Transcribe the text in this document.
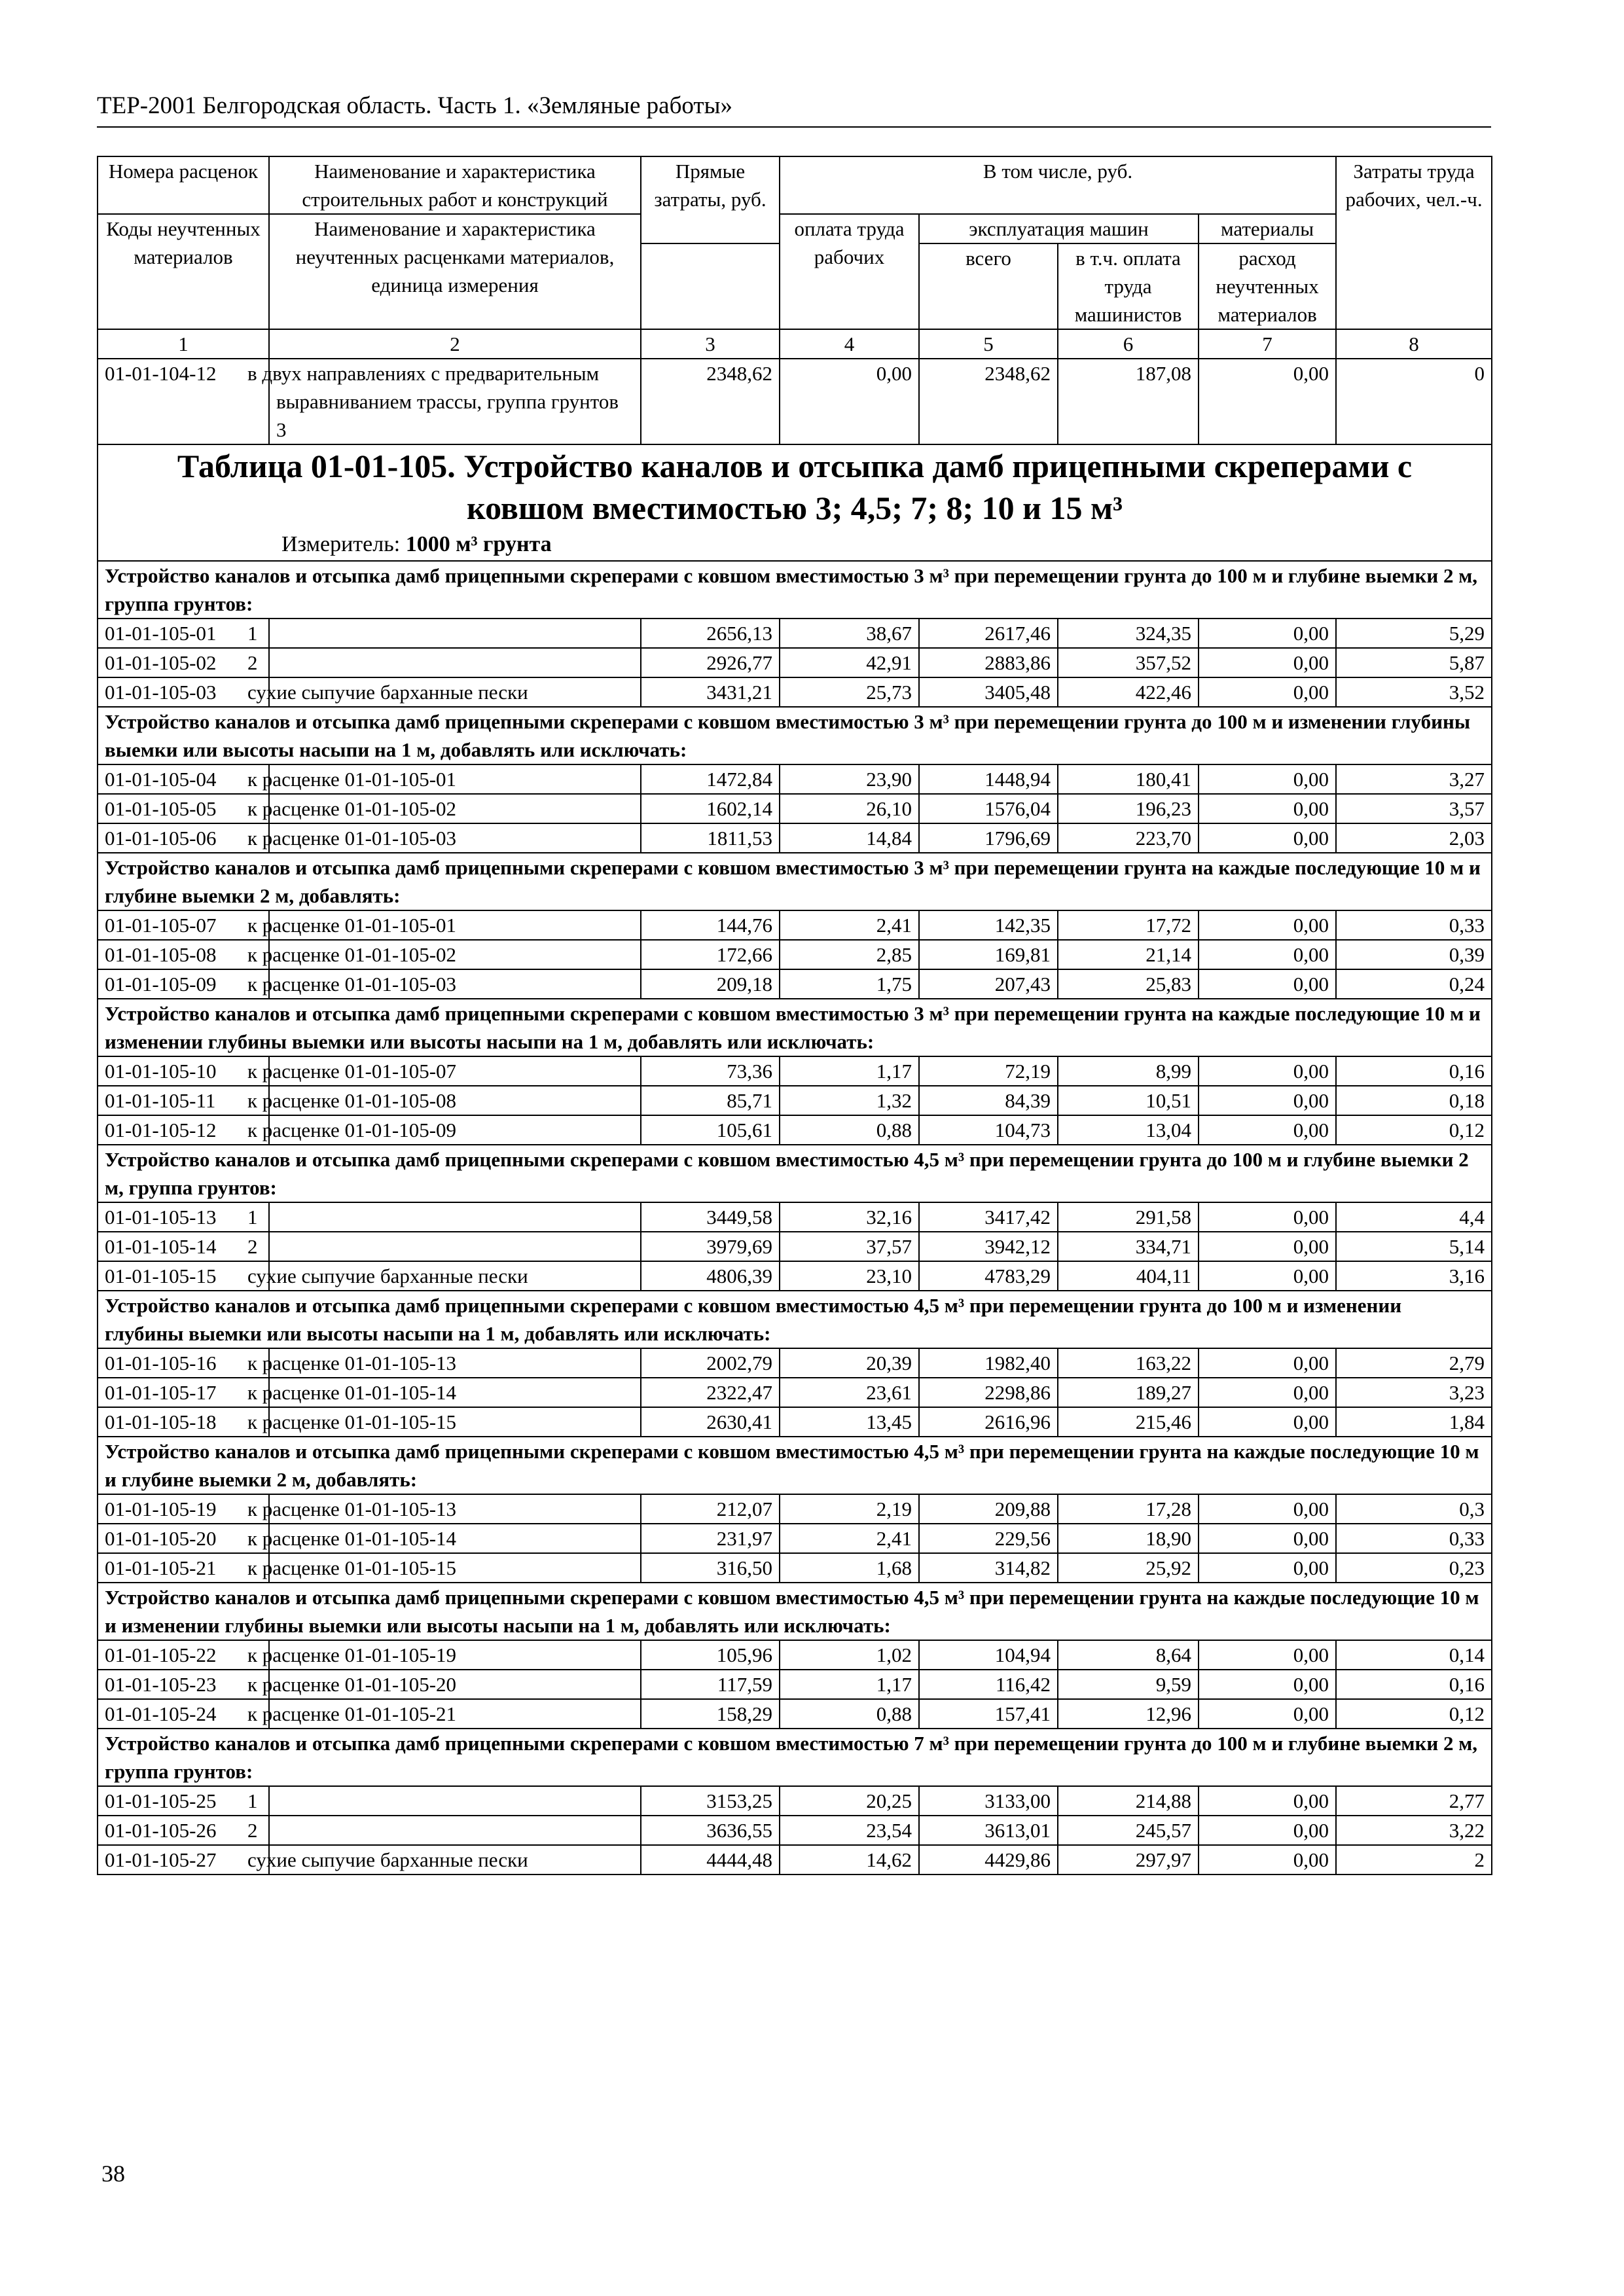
ТЕР-2001 Белгородская область. Часть 1. «Земляные работы»
Номера расценок	Наименование и характеристика строительных работ и конструкций	Прямые затраты, руб.	В том числе, руб.				Затраты труда рабочих, чел.-ч.
Коды неучтенных материалов	Наименование и характеристика неучтенных расценками материалов, единица измерения		оплата труда рабочих	эксплуатация машин		материалы	
				всего	в т.ч. оплата труда машинистов	расход неучтенных материалов	

1	2	3	4	5	6	7	8
01-01-104-12	в двух направлениях с предварительным выравниванием трассы, группа грунтов 3	2348,62	0,00	2348,62	187,08	0,00	0

Таблица 01-01-105. Устройство каналов и отсыпка дамб прицепными скреперами с ковшом вместимостью 3; 4,5; 7; 8; 10 и 15 м³
Измеритель: 1000 м³ грунта							

Устройство каналов и отсыпка дамб прицепными скреперами с ковшом вместимостью 3 м³ при перемещении грунта до 100 м и глубине выемки 2 м, группа грунтов:							
01-01-105-01	1	2656,13	38,67	2617,46	324,35	0,00	5,29
01-01-105-02	2	2926,77	42,91	2883,86	357,52	0,00	5,87
01-01-105-03	сухие сыпучие барханные пески	3431,21	25,73	3405,48	422,46	0,00	3,52
Устройство каналов и отсыпка дамб прицепными скреперами с ковшом вместимостью 3 м³ при перемещении грунта до 100 м и изменении глубины выемки или высоты насыпи на 1 м, добавлять или исключать:							
01-01-105-04	к расценке 01-01-105-01	1472,84	23,90	1448,94	180,41	0,00	3,27
01-01-105-05	к расценке 01-01-105-02	1602,14	26,10	1576,04	196,23	0,00	3,57
01-01-105-06	к расценке 01-01-105-03	1811,53	14,84	1796,69	223,70	0,00	2,03
Устройство каналов и отсыпка дамб прицепными скреперами с ковшом вместимостью 3 м³ при перемещении грунта на каждые последующие 10 м и глубине выемки 2 м, добавлять:							
01-01-105-07	к расценке 01-01-105-01	144,76	2,41	142,35	17,72	0,00	0,33
01-01-105-08	к расценке 01-01-105-02	172,66	2,85	169,81	21,14	0,00	0,39
01-01-105-09	к расценке 01-01-105-03	209,18	1,75	207,43	25,83	0,00	0,24
Устройство каналов и отсыпка дамб прицепными скреперами с ковшом вместимостью 3 м³ при перемещении грунта на каждые последующие 10 м и изменении глубины выемки или высоты насыпи на 1 м, добавлять или исключать:							
01-01-105-10	к расценке 01-01-105-07	73,36	1,17	72,19	8,99	0,00	0,16
01-01-105-11	к расценке 01-01-105-08	85,71	1,32	84,39	10,51	0,00	0,18
01-01-105-12	к расценке 01-01-105-09	105,61	0,88	104,73	13,04	0,00	0,12
Устройство каналов и отсыпка дамб прицепными скреперами с ковшом вместимостью 4,5 м³ при перемещении грунта до 100 м и глубине выемки 2 м, группа грунтов:							
01-01-105-13	1	3449,58	32,16	3417,42	291,58	0,00	4,4
01-01-105-14	2	3979,69	37,57	3942,12	334,71	0,00	5,14
01-01-105-15	сухие сыпучие барханные пески	4806,39	23,10	4783,29	404,11	0,00	3,16
Устройство каналов и отсыпка дамб прицепными скреперами с ковшом вместимостью 4,5 м³ при перемещении грунта до 100 м и изменении глубины выемки или высоты насыпи на 1 м, добавлять или исключать:							
01-01-105-16	к расценке 01-01-105-13	2002,79	20,39	1982,40	163,22	0,00	2,79
01-01-105-17	к расценке 01-01-105-14	2322,47	23,61	2298,86	189,27	0,00	3,23
01-01-105-18	к расценке 01-01-105-15	2630,41	13,45	2616,96	215,46	0,00	1,84
Устройство каналов и отсыпка дамб прицепными скреперами с ковшом вместимостью 4,5 м³ при перемещении грунта на каждые последующие 10 м и глубине выемки 2 м, добавлять:							
01-01-105-19	к расценке 01-01-105-13	212,07	2,19	209,88	17,28	0,00	0,3
01-01-105-20	к расценке 01-01-105-14	231,97	2,41	229,56	18,90	0,00	0,33
01-01-105-21	к расценке 01-01-105-15	316,50	1,68	314,82	25,92	0,00	0,23
Устройство каналов и отсыпка дамб прицепными скреперами с ковшом вместимостью 4,5 м³ при перемещении грунта на каждые последующие 10 м и изменении глубины выемки или высоты насыпи на 1 м, добавлять или исключать:							
01-01-105-22	к расценке 01-01-105-19	105,96	1,02	104,94	8,64	0,00	0,14
01-01-105-23	к расценке 01-01-105-20	117,59	1,17	116,42	9,59	0,00	0,16
01-01-105-24	к расценке 01-01-105-21	158,29	0,88	157,41	12,96	0,00	0,12
Устройство каналов и отсыпка дамб прицепными скреперами с ковшом вместимостью 7 м³ при перемещении грунта до 100 м и глубине выемки 2 м, группа грунтов:							
01-01-105-25	1	3153,25	20,25	3133,00	214,88	0,00	2,77
01-01-105-26	2	3636,55	23,54	3613,01	245,57	0,00	3,22
01-01-105-27	сухие сыпучие барханные пески	4444,48	14,62	4429,86	297,97	0,00	2
38
